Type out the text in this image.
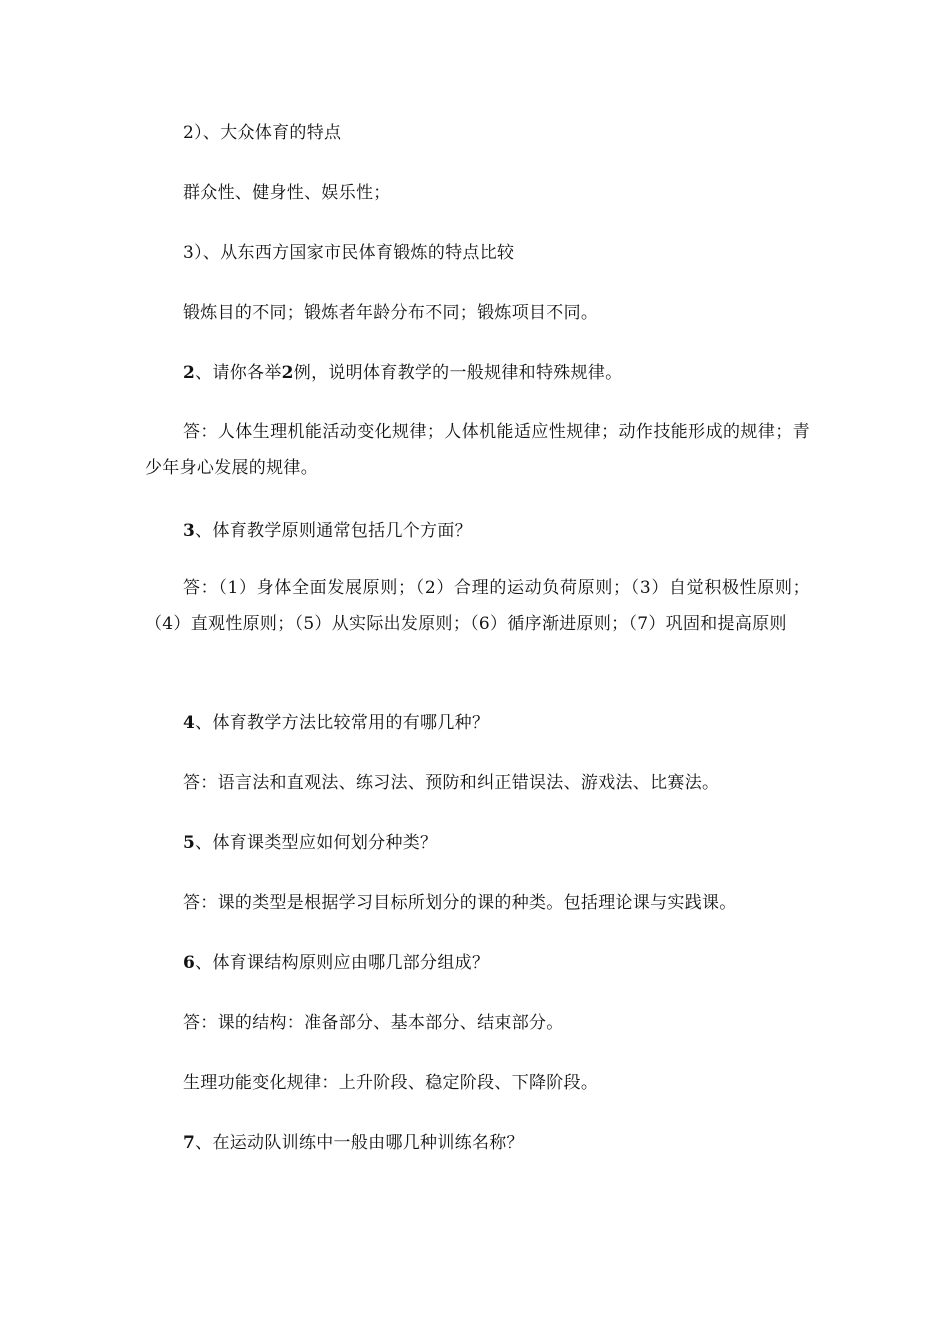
2）、大众体育的特点
群众性、健身性、娱乐性；
3）、从东西方国家市民体育锻炼的特点比较
锻炼目的不同；锻炼者年龄分布不同；锻炼项目不同。
2、请你各举2例，说明体育教学的一般规律和特殊规律。
答：人体生理机能活动变化规律；人体机能适应性规律；动作技能形成的规律；青少年身心发展的规律。
3、体育教学原则通常包括几个方面？
答：（1）身体全面发展原则；（2）合理的运动负荷原则；（3）自觉积极性原则；（4）直观性原则；（5）从实际出发原则；（6）循序渐进原则；（7）巩固和提高原则
4、体育教学方法比较常用的有哪几种？
答：语言法和直观法、练习法、预防和纠正错误法、游戏法、比赛法。
5、体育课类型应如何划分种类？
答：课的类型是根据学习目标所划分的课的种类。包括理论课与实践课。
6、体育课结构原则应由哪几部分组成？
答：课的结构：准备部分、基本部分、结束部分。
生理功能变化规律：上升阶段、稳定阶段、下降阶段。
7、在运动队训练中一般由哪几种训练名称？
